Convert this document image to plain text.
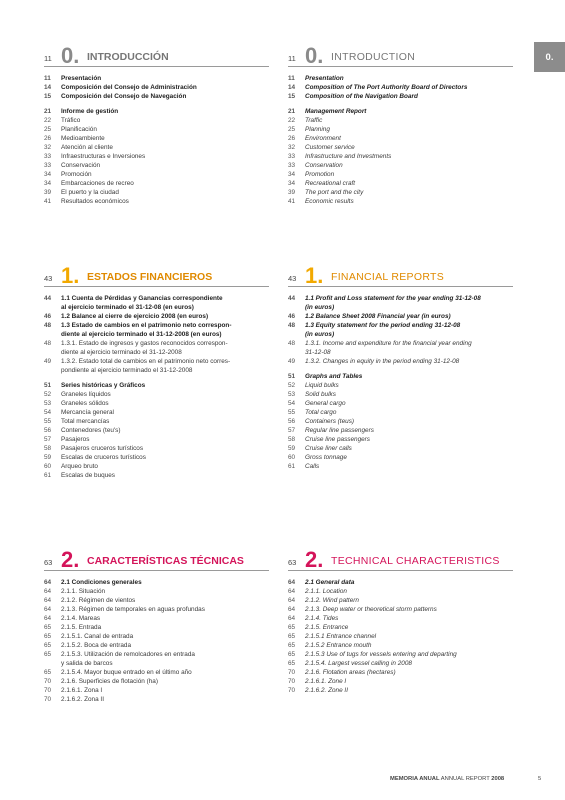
0.
11 0. INTRODUCCIÓN
11	Presentación
14	Composición del Consejo de Administración
15	Composición del Consejo de Navegación
21	Informe de gestión
22	Tráfico
25	Planificación
26	Medioambiente
32	Atención al cliente
33	Infraestructuras e Inversiones
33	Conservación
34	Promoción
34	Embarcaciones de recreo
39	El puerto y la ciudad
41	Resultados económicos
43 1. ESTADOS FINANCIEROS
44	1.1 Cuenta de Pérdidas y Ganancias correspondiente
al ejercicio terminado el 31-12-08 (en euros)
46	1.2 Balance al cierre de ejercicio 2008 (en euros)
48	1.3 Estado de cambios en el patrimonio neto correspon-
diente al ejercicio terminado el 31-12-2008 (en euros)
48	1.3.1. Estado de ingresos y gastos reconocidos correspon-
diente al ejercicio terminado el 31-12-2008
49	1.3.2. Estado total de cambios en el patrimonio neto corres-
pondiente al ejercicio terminado el 31-12-2008
51	Series históricas y Gráficos
52	Graneles líquidos
53	Graneles sólidos
54	Mercancía general
55	Total mercancías
56	Contenedores (teu's)
57	Pasajeros
58	Pasajeros cruceros turísticos
59	Escalas de cruceros turísticos
60	Arqueo bruto
61	Escalas de buques
63 2. CARACTERÍSTICAS TÉCNICAS
64	2.1 Condiciones generales
64	2.1.1. Situación
64	2.1.2. Régimen de vientos
64	2.1.3. Régimen de temporales en aguas profundas
64	2.1.4. Mareas
65	2.1.5. Entrada
65	2.1.5.1. Canal de entrada
65	2.1.5.2. Boca de entrada
65	2.1.5.3. Utilización de remolcadores en entrada
y salida de barcos
65	2.1.5.4. Mayor buque entrado en el último año
70	2.1.6. Superficies de flotación (ha)
70	2.1.6.1. Zona I
70	2.1.6.2. Zona II
11 0. INTRODUCTION
11	Presentation
14	Composition of The Port Authority Board of Directors
15	Composition of the Navigation Board
21	Management Report
22	Traffic
25	Planning
26	Environment
32	Customer service
33	Infrastructure and Investments
33	Conservation
34	Promotion
34	Recreational craft
39	The port and the city
41	Economic results
43 1. FINANCIAL REPORTS
44	1.1 Profit and Loss statement for the year ending 31-12-08
(in euros)
46	1.2 Balance Sheet 2008 Financial year (in euros)
48	1.3 Equity statement for the period ending 31-12-08
(in euros)
48	1.3.1. Income and expenditure for the financial year ending
31-12-08
49	1.3.2. Changes in equity in the period ending 31-12-08
51	Graphs and Tables
52	Liquid bulks
53	Solid bulks
54	General cargo
55	Total cargo
56	Containers (teus)
57	Regular line passengers
58	Cruise line passengers
59	Cruise liner calls
60	Gross tonnage
61	Calls
63 2. TECHNICAL CHARACTERISTICS
64	2.1 General data
64	2.1.1. Location
64	2.1.2. Wind pattern
64	2.1.3. Deep water or theoretical storm patterns
64	2.1.4. Tides
65	2.1.5. Entrance
65	2.1.5.1 Entrance channel
65	2.1.5.2 Entrance mouth
65	2.1.5.3 Use of tugs for vessels entering and departing
65	2.1.5.4. Largest vessel calling in 2008
70	2.1.6. Flotation areas (hectares)
70	2.1.6.1. Zone I
70	2.1.6.2. Zone II
MEMORIA ANUAL ANNUAL REPORT 2008	5
